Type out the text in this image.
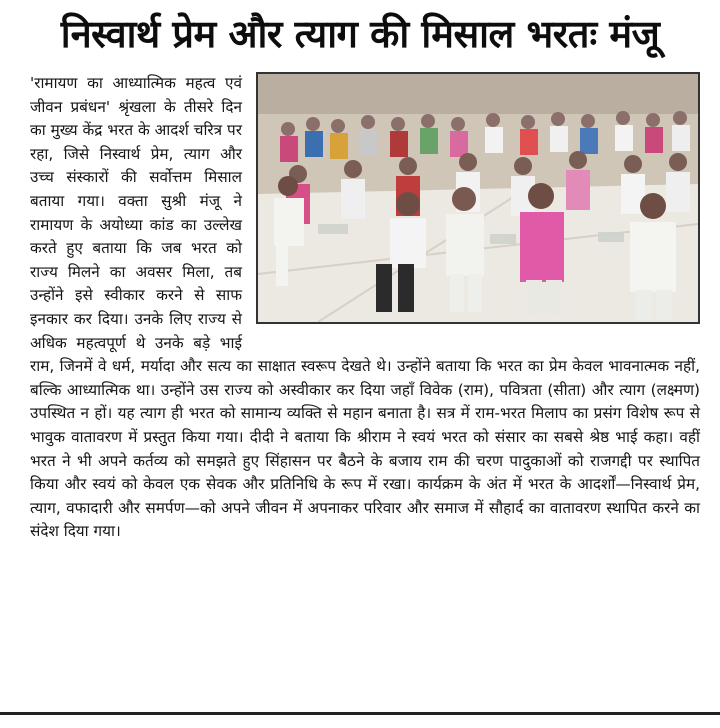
निस्वार्थ प्रेम और त्याग की मिसाल भरतः मंजू

'रामायण का आध्यात्मिक महत्व एवं जीवन प्रबंधन' श्रृंखला के तीसरे दिन का मुख्य केंद्र भरत के आदर्श चरित्र पर रहा, जिसे निस्वार्थ प्रेम, त्याग और उच्च संस्कारों की सर्वोत्तम मिसाल बताया गया। वक्ता सुश्री मंजू ने रामायण के अयोध्या कांड का उल्लेख करते हुए बताया कि जब भरत को राज्य मिलने का अवसर मिला, तब उन्होंने इसे स्वीकार करने से साफ इनकार कर दिया। उनके लिए राज्य से अधिक महत्वपूर्ण थे उनके बड़े भाई राम, जिनमें वे धर्म, मर्यादा और सत्य का साक्षात स्वरूप देखते थे। उन्होंने बताया कि भरत का प्रेम केवल भावनात्मक नहीं, बल्कि आध्यात्मिक था। उन्होंने उस राज्य को अस्वीकार कर दिया जहाँ विवेक (राम), पवित्रता (सीता) और त्याग (लक्ष्मण) उपस्थित न हों। यह त्याग ही भरत को सामान्य व्यक्ति से महान बनाता है। सत्र में राम-भरत मिलाप का प्रसंग विशेष रूप से भावुक वातावरण में प्रस्तुत किया गया। दीदी ने बताया कि श्रीराम ने स्वयं भरत को संसार का सबसे श्रेष्ठ भाई कहा। वहीं भरत ने भी अपने कर्तव्य को समझते हुए सिंहासन पर बैठने के बजाय राम की चरण पादुकाओं को राजगद्दी पर स्थापित किया और स्वयं को केवल एक सेवक और प्रतिनिधि के रूप में रखा। कार्यक्रम के अंत में भरत के आदर्शों—निस्वार्थ प्रेम, त्याग, वफादारी और समर्पण—को अपने जीवन में अपनाकर परिवार और समाज में सौहार्द का वातावरण स्थापित करने का संदेश दिया गया।
